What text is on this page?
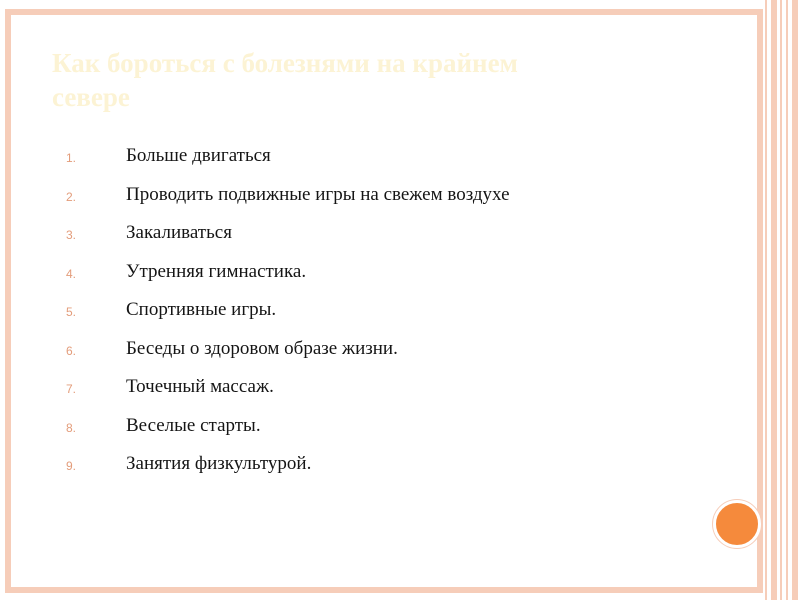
Как бороться с болезнями на крайнем
севере
1.	Больше двигаться
2.	Проводить подвижные игры на свежем воздухе
3.	Закаливаться
4.	Утренняя гимнастика.
5.	Спортивные игры.
6.	Беседы о здоровом образе жизни.
7.	Точечный массаж.
8.	Веселые старты.
9.	Занятия физкультурой.
